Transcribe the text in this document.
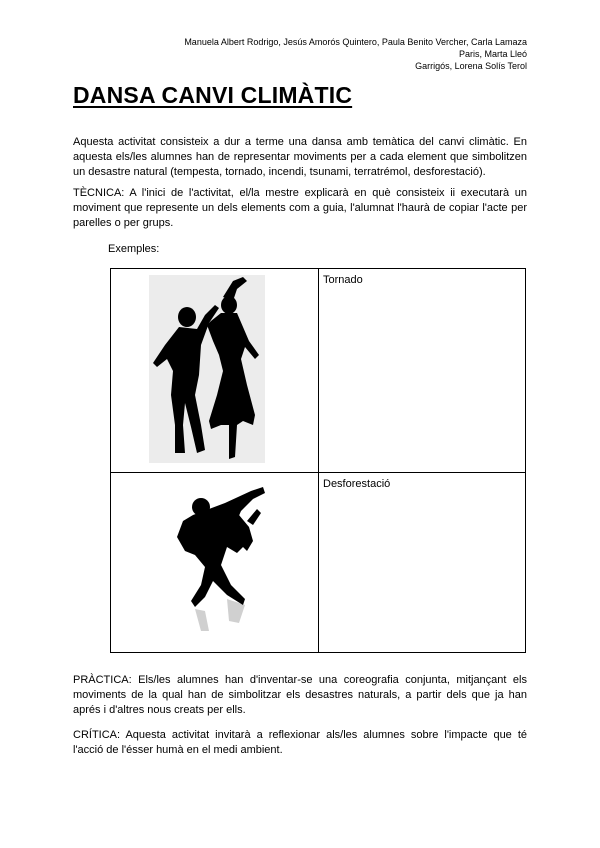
Manuela Albert Rodrigo, Jesús Amorós Quintero, Paula Benito Vercher, Carla Lamaza Paris, Marta Lleó
Garrigós, Lorena Solís Terol
DANSA CANVI CLIMÀTIC

Aquesta activitat consisteix a dur a terme una dansa amb temàtica del canvi climàtic. En aquesta els/les alumnes han de representar moviments per a cada element que simbolitzen un desastre natural (tempesta, tornado, incendi, tsunami, terratrémol, desforestació).

TÈCNICA: A l'inici de l'activitat, el/la mestre explicarà en què consisteix ii executarà un moviment que represente un dels elements com a guia, l'alumnat l'haurà de copiar l'acte per parelles o per grups.

Exemples:

Tornado

Desforestació

PRÀCTICA: Els/les alumnes han d'inventar-se una coreografia conjunta, mitjançant els moviments de la qual han de simbolitzar els desastres naturals, a partir dels que ja han aprés i d'altres nous creats per ells.

CRÍTICA: Aquesta activitat invitarà a reflexionar als/les alumnes sobre l'impacte que té l'acció de l'ésser humà en el medi ambient.
